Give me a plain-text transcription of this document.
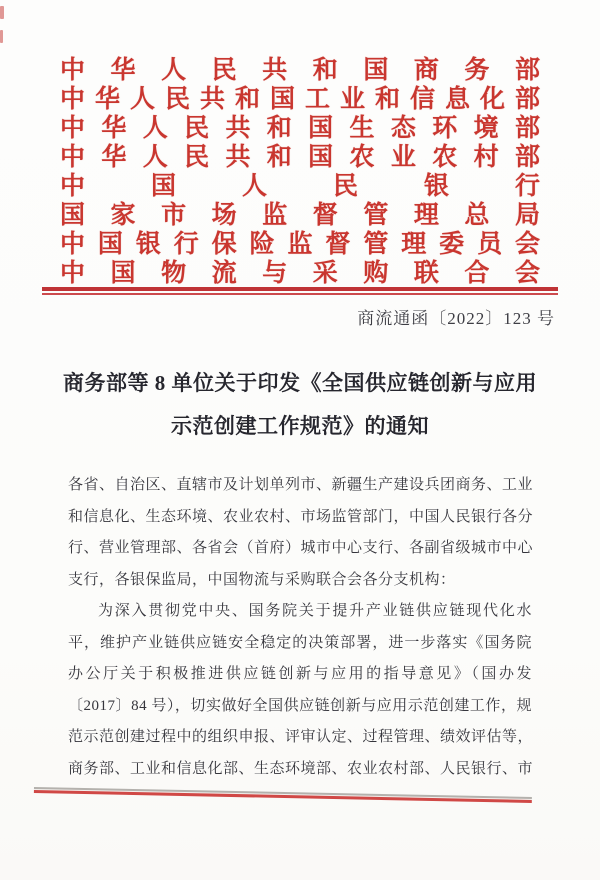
中华人民共和国商务部
中华人民共和国工业和信息化部
中华人民共和国生态环境部
中华人民共和国农业农村部
中国人民银行
国家市场监督管理总局
中国银行保险监督管理委员会
中国物流与采购联合会
商流通函〔2022〕123 号
商务部等 8 单位关于印发《全国供应链创新与应用
示范创建工作规范》的通知
各省、自治区、直辖市及计划单列市、新疆生产建设兵团商务、工业
和信息化、生态环境、农业农村、市场监管部门，中国人民银行各分
行、营业管理部、各省会（首府）城市中心支行、各副省级城市中心
支行，各银保监局，中国物流与采购联合会各分支机构：
为深入贯彻党中央、国务院关于提升产业链供应链现代化水
平，维护产业链供应链安全稳定的决策部署，进一步落实《国务院
办公厅关于积极推进供应链创新与应用的指导意见》（国办发
〔2017〕84 号），切实做好全国供应链创新与应用示范创建工作，规
范示范创建过程中的组织申报、评审认定、过程管理、绩效评估等，
商务部、工业和信息化部、生态环境部、农业农村部、人民银行、市
